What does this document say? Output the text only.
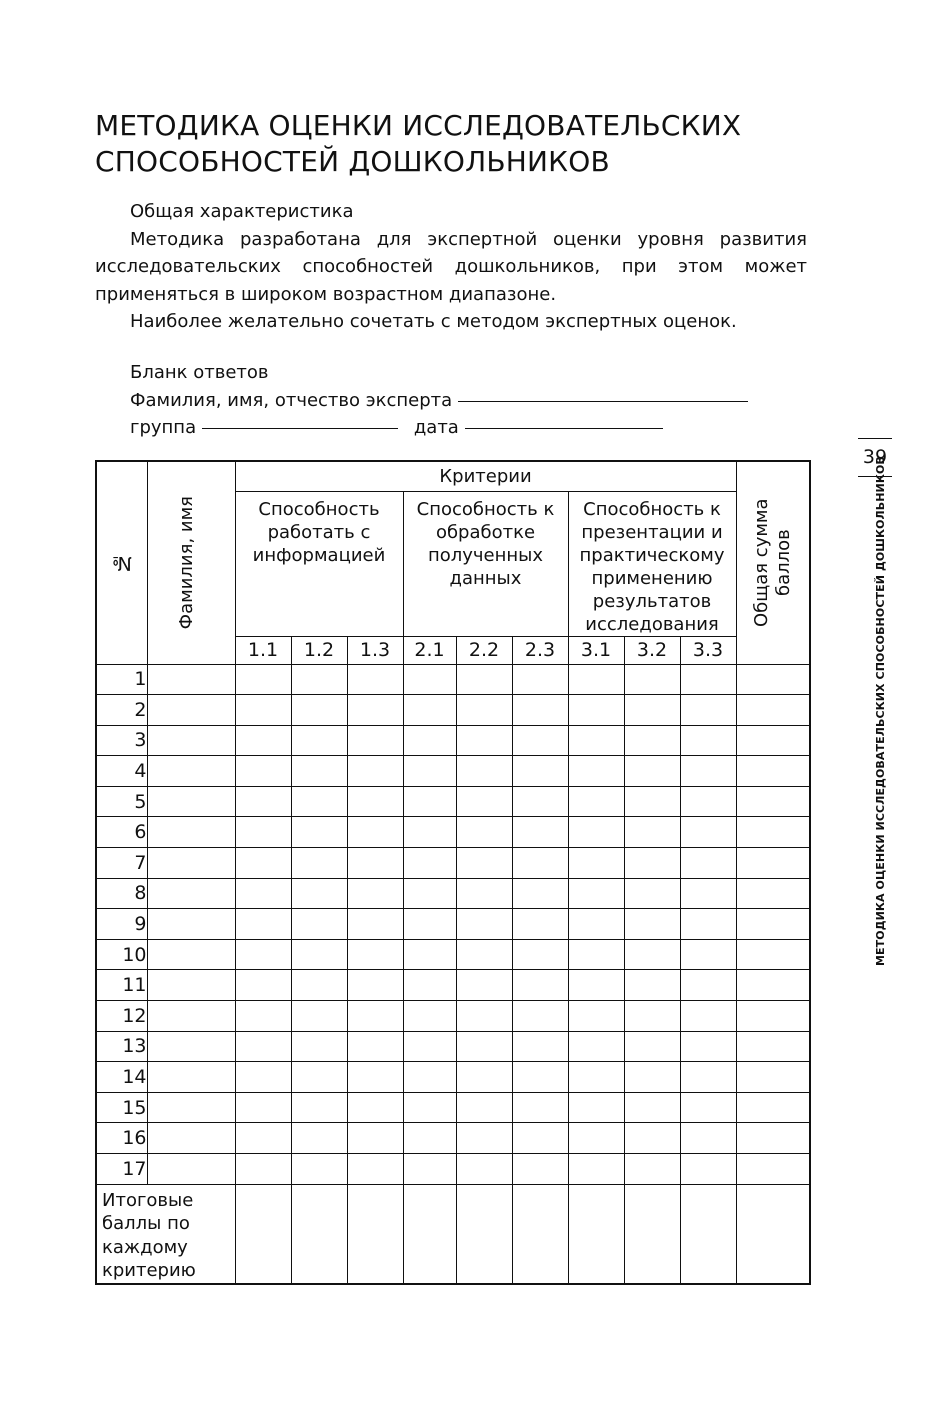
МЕТОДИКА ОЦЕНКИ ИССЛЕДОВАТЕЛЬСКИХ
СПОСОБНОСТЕЙ ДОШКОЛЬНИКОВ

Общая характеристика

Методика разработана для экспертной оценки уровня развития исследовательских способностей дошкольников, при этом может применяться в широком возрастном диапазоне.

Наиболее желательно сочетать с методом экспертных оценок.

Бланк ответов
Фамилия, имя, отчество эксперта
группа	дата
39
МЕТОДИКА ОЦЕНКИ ИССЛЕДОВАТЕЛЬСКИХ СПОСОБНОСТЕЙ ДОШКОЛЬНИКОВ
№	Фамилия, имя	Критерии									Общая сумма баллов

		Способность работать с информацией			Способность к обработке полученных данных			Способность к презентации и практическому применению результатов исследования			
		1.1	1.2	1.3	2.1	2.2	2.3	3.1	3.2	3.3	
1											
2											
3											
4											
5											
6											
7											
8											
9											
10											
11											
12											
13											
14											
15											
16											
17											
Итоговые баллы по каждому критерию											
